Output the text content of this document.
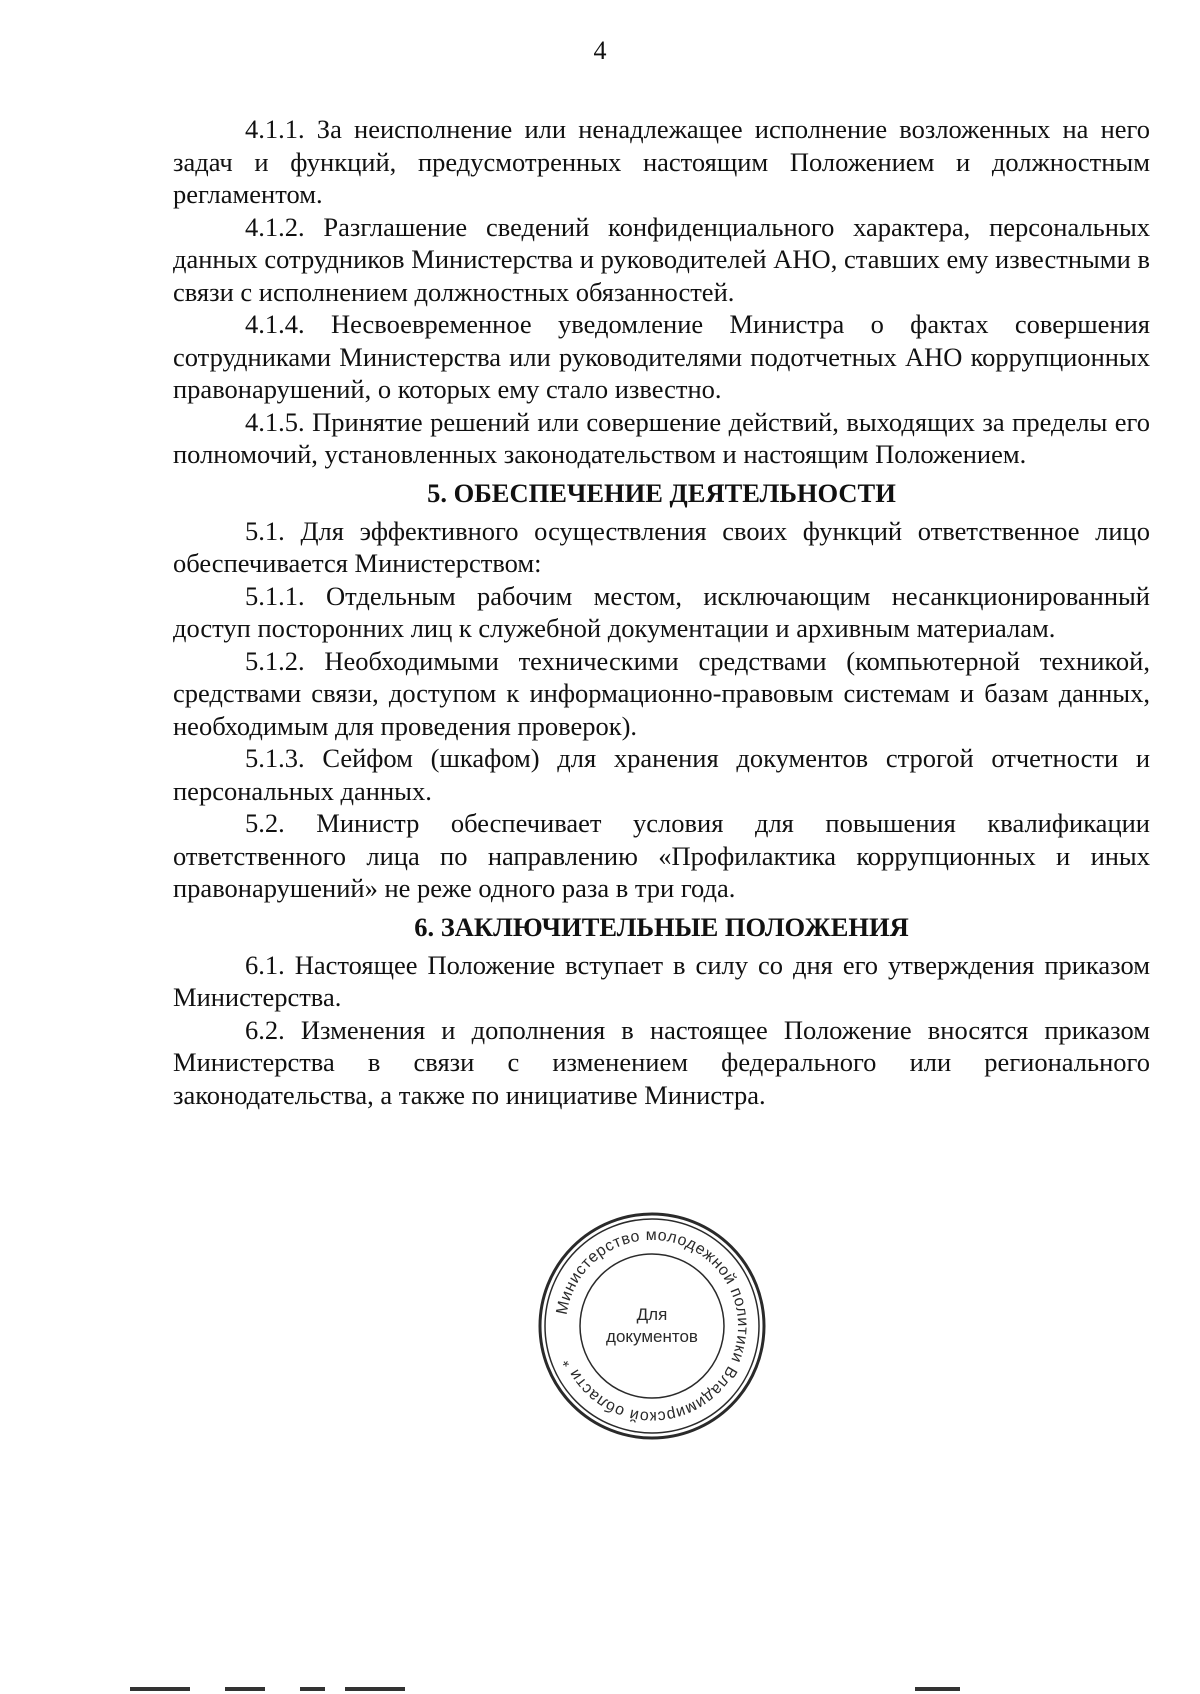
4

4.1.1. За неисполнение или ненадлежащее исполнение возложенных на него задач и функций, предусмотренных настоящим Положением и должностным регламентом.

4.1.2. Разглашение сведений конфиденциального характера, персональных данных сотрудников Министерства и руководителей АНО, ставших ему известными в связи с исполнением должностных обязанностей.

4.1.4. Несвоевременное уведомление Министра о фактах совершения сотрудниками Министерства или руководителями подотчетных АНО коррупционных правонарушений, о которых ему стало известно.

4.1.5. Принятие решений или совершение действий, выходящих за пределы его полномочий, установленных законодательством и настоящим Положением.

5. ОБЕСПЕЧЕНИЕ ДЕЯТЕЛЬНОСТИ

5.1. Для эффективного осуществления своих функций ответственное лицо обеспечивается Министерством:

5.1.1. Отдельным рабочим местом, исключающим несанкционированный доступ посторонних лиц к служебной документации и архивным материалам.

5.1.2. Необходимыми техническими средствами (компьютерной техникой, средствами связи, доступом к информационно-правовым системам и базам данных, необходимым для проведения проверок).

5.1.3. Сейфом (шкафом) для хранения документов строгой отчетности и персональных данных.

5.2. Министр обеспечивает условия для повышения квалификации ответственного лица по направлению «Профилактика коррупционных и иных правонарушений» не реже одного раза в три года.

6. ЗАКЛЮЧИТЕЛЬНЫЕ ПОЛОЖЕНИЯ

6.1. Настоящее Положение вступает в силу со дня его утверждения приказом Министерства.

6.2. Изменения и дополнения в настоящее Положение вносятся приказом Министерства в связи с изменением федерального или регионального законодательства, а также по инициативе Министра.

Министерство молодежной политики Владимирской области *
Для
документов
